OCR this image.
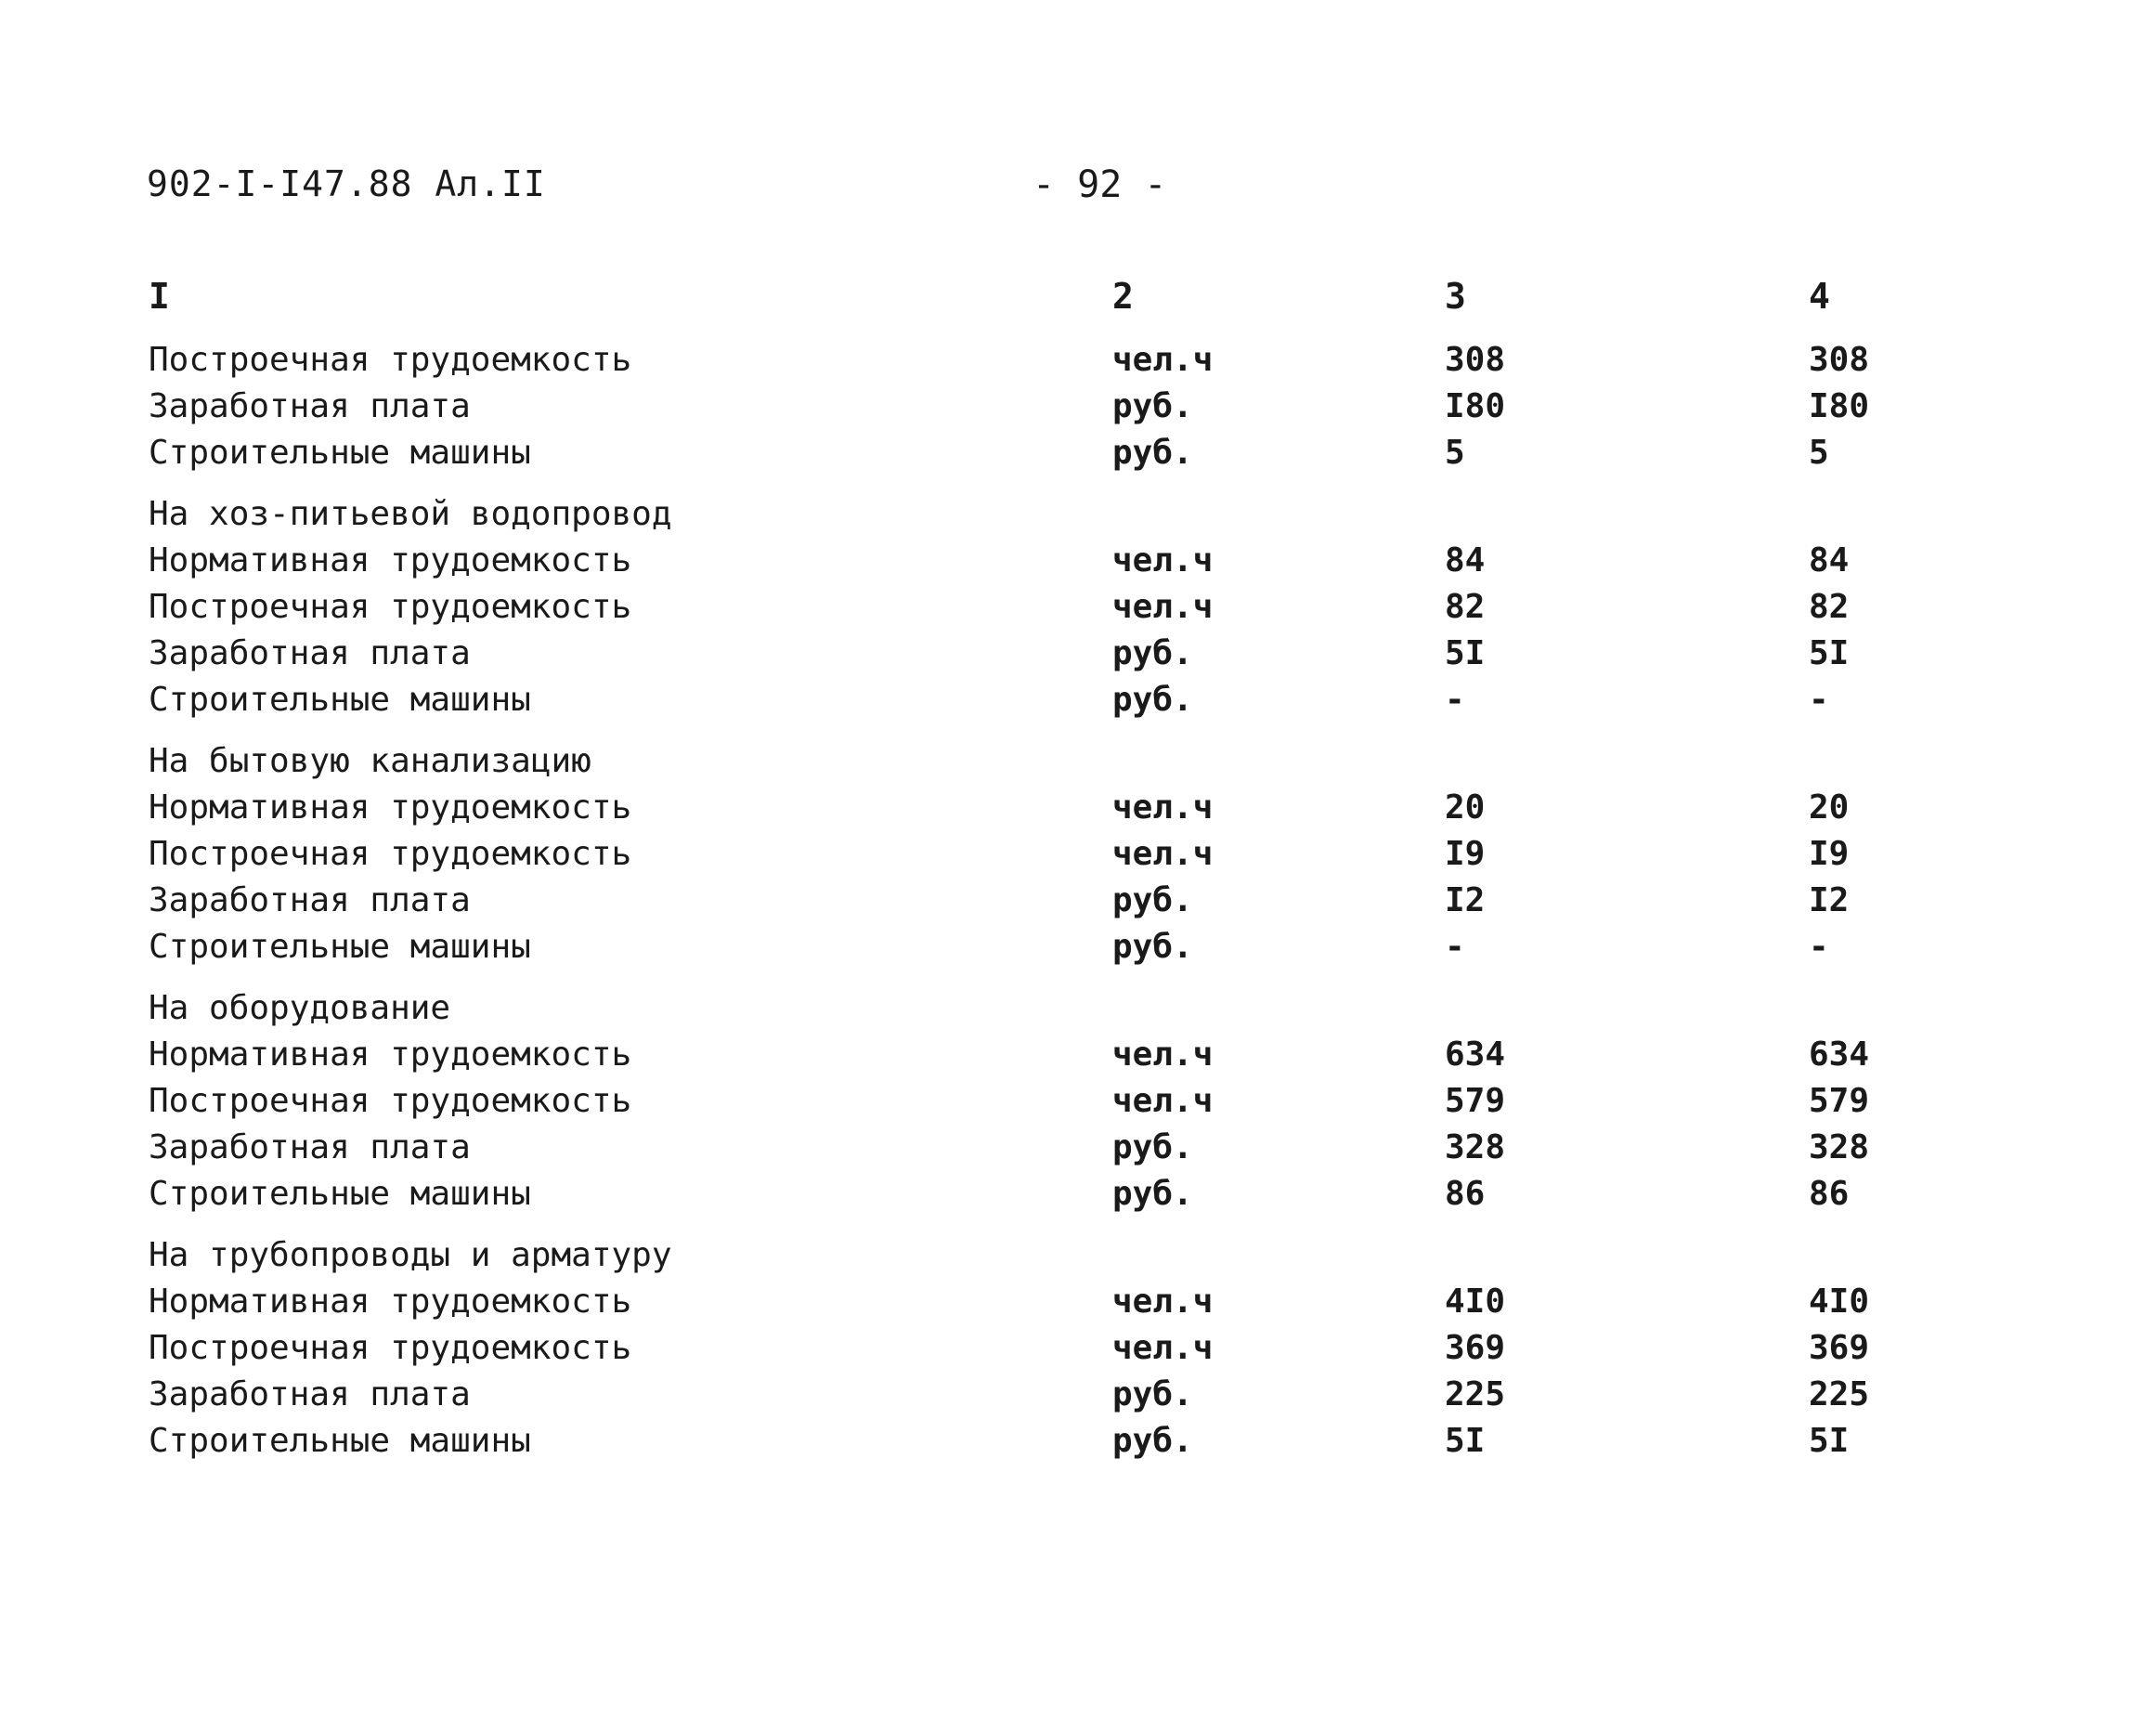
902-I-I47.88 Ал.II	- 92 -
I	2	3	4
Построечная трудоемкость	чел.ч	308	308
Заработная плата	руб.	I80	I80
Строительные машины	руб.	5	5
На хоз-питьевой водопровод
Нормативная трудоемкость	чел.ч	84	84
Построечная трудоемкость	чел.ч	82	82
Заработная плата	руб.	5I	5I
Строительные машины	руб.	-	-
На бытовую канализацию
Нормативная трудоемкость	чел.ч	20	20
Построечная трудоемкость	чел.ч	I9	I9
Заработная плата	руб.	I2	I2
Строительные машины	руб.	-	-
На оборудование
Нормативная трудоемкость	чел.ч	634	634
Построечная трудоемкость	чел.ч	579	579
Заработная плата	руб.	328	328
Строительные машины	руб.	86	86
На трубопроводы и арматуру
Нормативная трудоемкость	чел.ч	4I0	4I0
Построечная трудоемкость	чел.ч	369	369
Заработная плата	руб.	225	225
Строительные машины	руб.	5I	5I
